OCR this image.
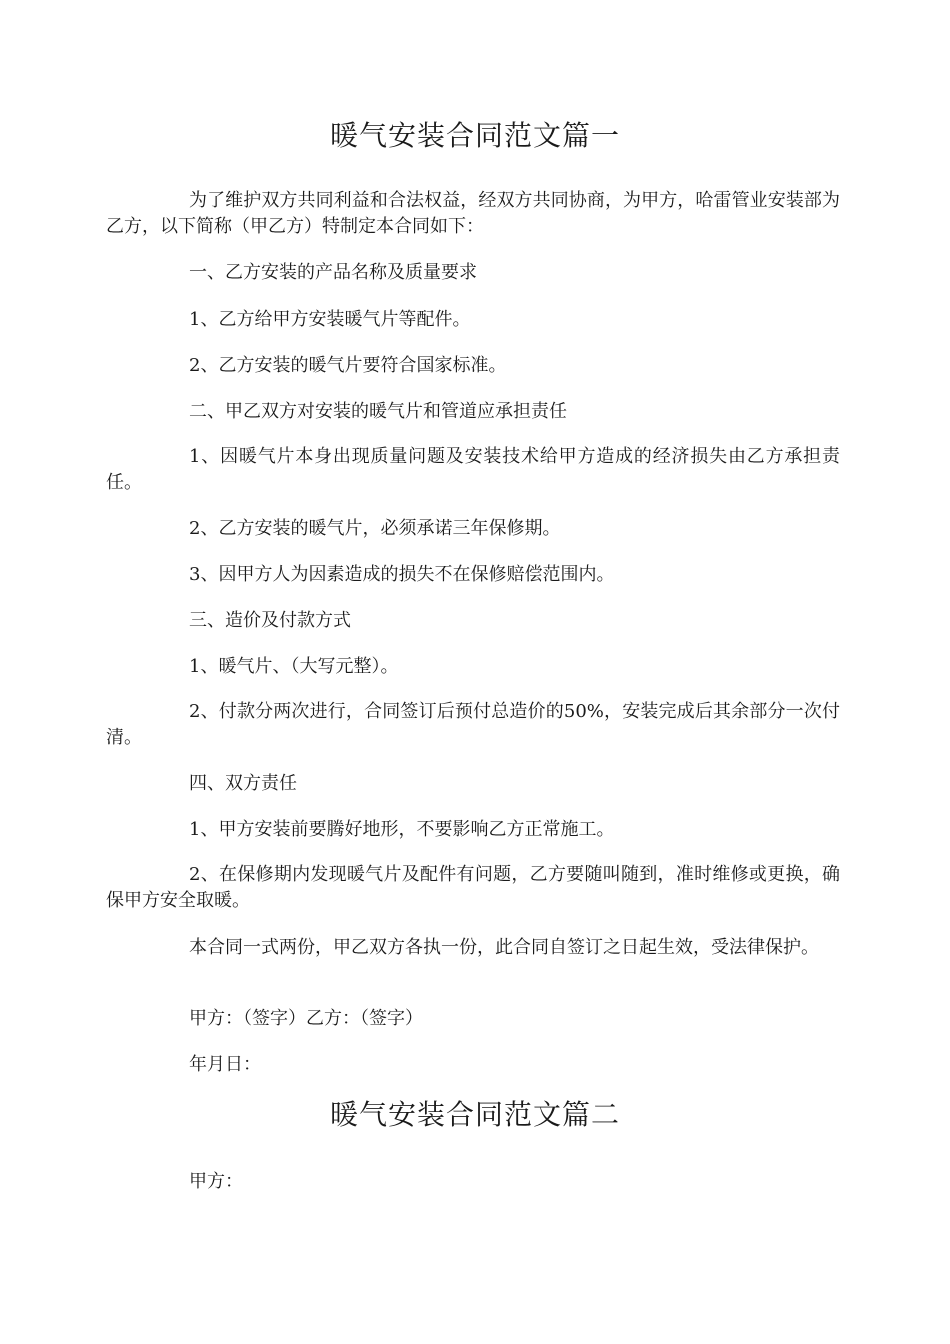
暖气安装合同范文篇一
为了维护双方共同利益和合法权益，经双方共同协商，为甲方，哈雷管业安装部为乙方，以下简称（甲乙方）特制定本合同如下：
一、乙方安装的产品名称及质量要求
1、乙方给甲方安装暖气片等配件。
2、乙方安装的暖气片要符合国家标准。
二、甲乙双方对安装的暖气片和管道应承担责任
1、因暖气片本身出现质量问题及安装技术给甲方造成的经济损失由乙方承担责任。
2、乙方安装的暖气片，必须承诺三年保修期。
3、因甲方人为因素造成的损失不在保修赔偿范围内。
三、造价及付款方式
1、暖气片、（大写元整）。
2、付款分两次进行，合同签订后预付总造价的50%，安装完成后其余部分一次付清。
四、双方责任
1、甲方安装前要腾好地形，不要影响乙方正常施工。
2、在保修期内发现暖气片及配件有问题，乙方要随叫随到，准时维修或更换，确保甲方安全取暖。
本合同一式两份，甲乙双方各执一份，此合同自签订之日起生效，受法律保护。
甲方：（签字）乙方：（签字）
年月日：
暖气安装合同范文篇二
甲方：
